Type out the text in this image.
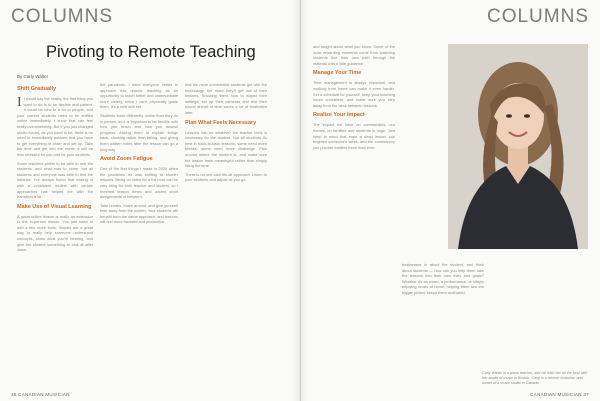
COLUMNS	COLUMNS
Pivoting to Remote Teaching
By Carly Walter
Shift Gradually

I I would say the reality, the first thing you want to do is to be flexible and patient. It could be new to a lot of people, and your current students need to be shifted online immediately. I know that can feel really overwhelming. But if you just changed studio forces, as you used to be, there is no need to immediately assume that you have to get everything in order and set up. Take the time and get into the mode; it will be less stressful for you and for your students.

Some teachers prefer to be able to see the students, and what was to come, but all students and everyone was able to find the balance. I've always found that easing in with a consistent routine with certain approaches has helped me with the transition a lot.

Make Use of Visual Learning

A great online lesson is really an extension to the in-person lesson. You just need to add a few more tools. Visuals are a great way to really help someone understand concepts, show what you're hearing, and give the student something to look at after class.

the pandemic, I think everyone needs to approach this remote teaching as an opportunity to teach better and communicate more clearly, since I can't physically guide them. It's a new skill set.

Students learn differently online than they do in person, so it is important to be flexible with how you teach and how you assess progress. Asking them to explain things back, showing rather than telling, and giving them written notes after the lesson can go a long way.

Avoid Zoom Fatigue

One of the first things I made in 2020 when the pandemic hit was shifting to shorter lessons. Being on video for a full hour can be very tiring for both teacher and student, so I trimmed lesson times and added short assignments in between.

Take breaks, move around, and give yourself time away from the screen. Your students will benefit from the same approach, and lessons will feel more focused and productive.

that the more comfortable students get with the technology, the more they'll get out of their lessons. Showing them how to adjust their settings, set up their cameras and test their sound ahead of time saves a lot of frustration later.

Plan What Feels Necessary

Lessons can be whatever the teacher feels is necessary for the student. Not all students do best in back-to-back lessons; some need more breaks, some need more challenge. Plan around where the student is, and make sure the lesson feels meaningful rather than simply filling the time.

There is no one-size-fits-all approach. Listen to your students and adjust as you go.

and taught about what you know. Some of the most rewarding moments come from watching students find their own path through the material with a little guidance.

Manage Your Time

Time management is always important, and working from home can make it even harder. Set a schedule for yourself, keep your teaching hours consistent, and make sure you step away from the desk between lessons.

Realize Your Impact

The impact we have on communities, our homes, on families and students is huge. Just keep in mind that even a short lesson can brighten someone's week, and the consistency you provide matters more than ever.

businesses in about the student, and think about students — how can you help them take the lessons into their own lives and goals? Whether it's an exam, a performance, or simply enjoying music at home, helping them see the bigger picture keeps them motivated.

Carly Walter is a piano teacher, and we wish her all the best with her studio of music in Boston. Carly is a remote instructor and owner of a music studio in Canada.
38 CANADIAN MUSICIAN	CANADIAN MUSICIAN 37
